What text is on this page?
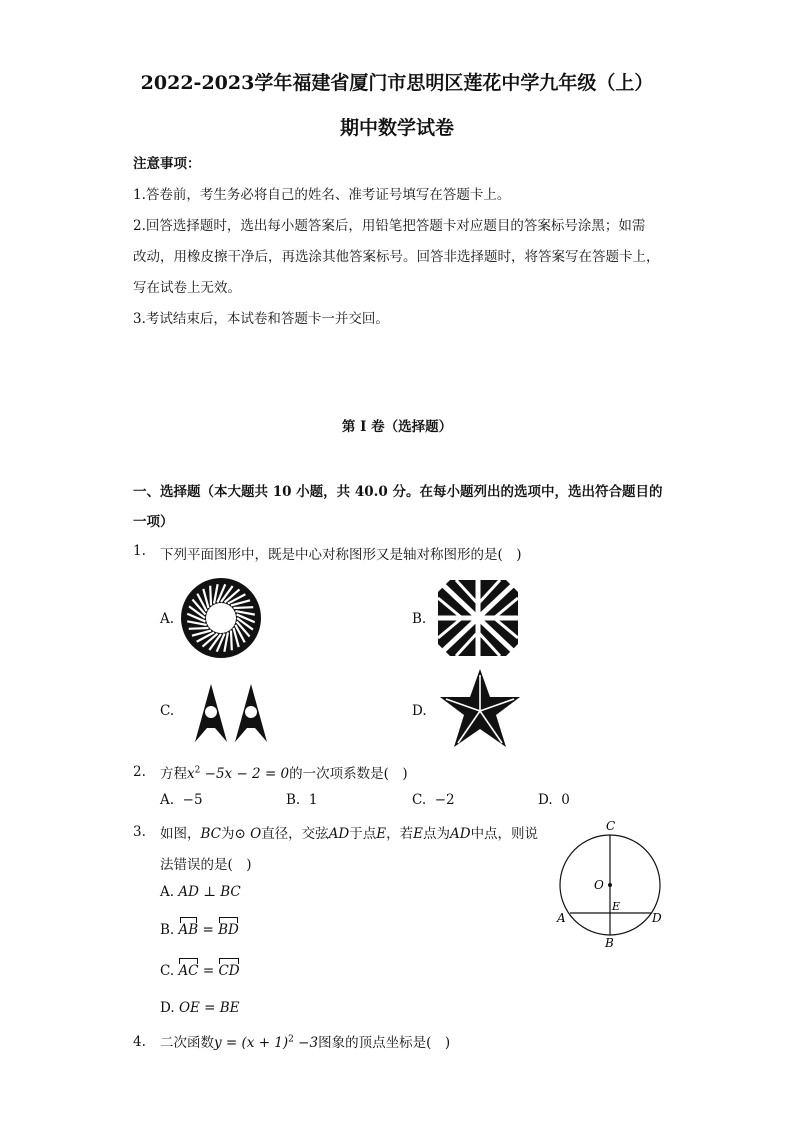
2022-2023学年福建省厦门市思明区莲花中学九年级（上）
期中数学试卷
注意事项：
1.答卷前，考生务必将自己的姓名、准考证号填写在答题卡上。
2.回答选择题时，选出每小题答案后，用铅笔把答题卡对应题目的答案标号涂黑；如需
改动，用橡皮擦干净后，再选涂其他答案标号。回答非选择题时，将答案写在答题卡上，
写在试卷上无效。
3.考试结束后，本试卷和答题卡一并交回。
第 I 卷（选择题）
一、选择题（本大题共 10 小题，共 40.0 分。在每小题列出的选项中，选出符合题目的
一项）
1. 下列平面图形中，既是中心对称图形又是轴对称图形的是(　)
A.	B.
C.	D.
2. 方程$x^2 -5x - 2 = 0$的一次项系数是(　)
A. −5	B. 1	C. −2	D. 0
3. 如图，BC为⊙ O直径，交弦AD于点E，若E点为AD中点，则说
法错误的是(　)
A. AD ⊥ BC
B. AB = BD
C. AC = CD
D. OE = BE
C
O
E
A	D
B
4. 二次函数$y = (x + 1)^2 -3$图象的顶点坐标是(　)
